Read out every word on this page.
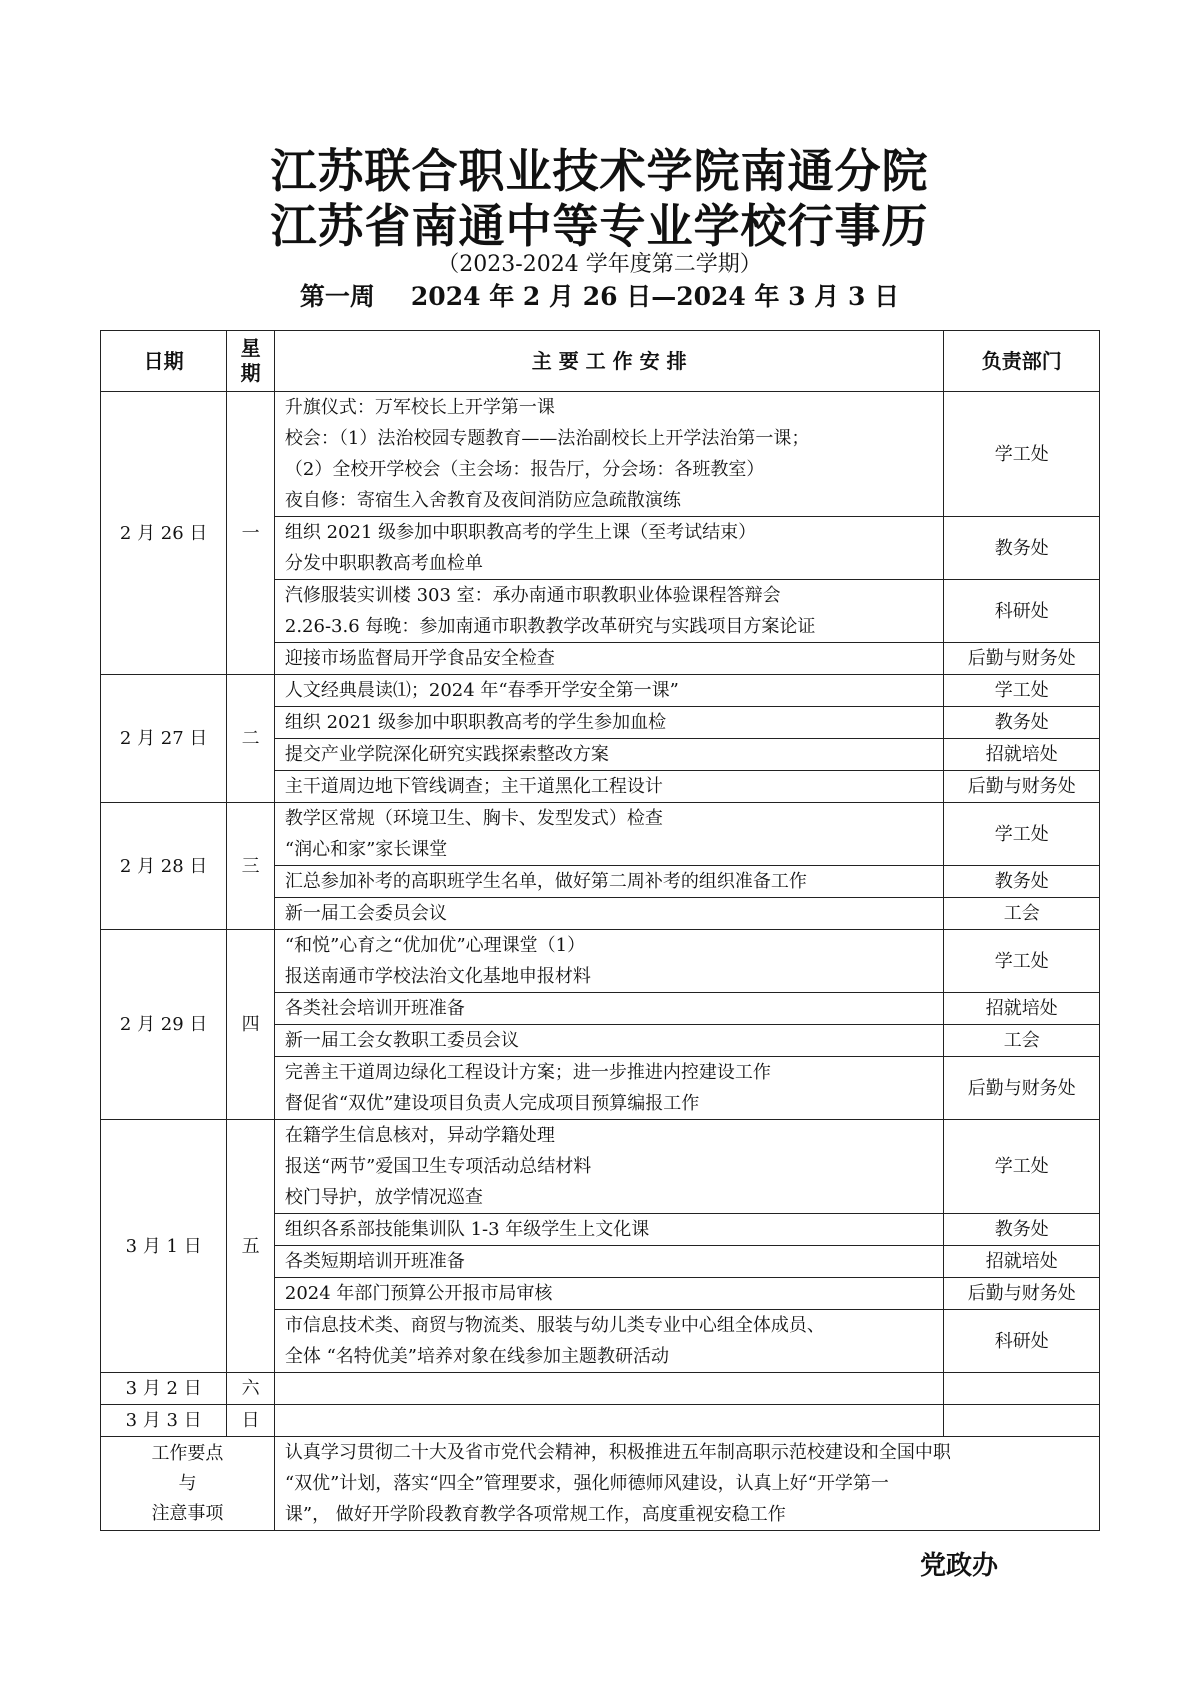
江苏联合职业技术学院南通分院
江苏省南通中等专业学校行事历
（2023-2024 学年度第二学期）
第一周 2024 年 2 月 26 日—2024 年 3 月 3 日
日期	星
期	主 要 工 作 安 排	负责部门
2 月 26 日	一	升旗仪式：万军校长上开学第一课
校会：（1）法治校园专题教育——法治副校长上开学法治第一课；
（2）全校开学校会（主会场：报告厅，分会场：各班教室）
夜自修：寄宿生入舍教育及夜间消防应急疏散演练	学工处

		组织 2021 级参加中职职教高考的学生上课（至考试结束）
分发中职职教高考血检单	教务处

		汽修服装实训楼 303 室：承办南通市职教职业体验课程答辩会
2.26-3.6 每晚：参加南通市职教教学改革研究与实践项目方案论证	科研处

		迎接市场监督局开学食品安全检查	后勤与财务处
2 月 27 日	二	人文经典晨读⑴；2024 年“春季开学安全第一课”	学工处

		组织 2021 级参加中职职教高考的学生参加血检	教务处

		提交产业学院深化研究实践探索整改方案	招就培处

		主干道周边地下管线调查；主干道黑化工程设计	后勤与财务处
2 月 28 日	三	教学区常规（环境卫生、胸卡、发型发式）检查
“润心和家”家长课堂	学工处

		汇总参加补考的高职班学生名单，做好第二周补考的组织准备工作	教务处

		新一届工会委员会议	工会
2 月 29 日	四	“和悦”心育之“优加优”心理课堂（1）
报送南通市学校法治文化基地申报材料	学工处

		各类社会培训开班准备	招就培处

		新一届工会女教职工委员会议	工会

		完善主干道周边绿化工程设计方案；进一步推进内控建设工作
督促省“双优”建设项目负责人完成项目预算编报工作	后勤与财务处
3 月 1 日	五	在籍学生信息核对，异动学籍处理
报送“两节”爱国卫生专项活动总结材料
校门导护，放学情况巡查	学工处

		组织各系部技能集训队 1-3 年级学生上文化课	教务处

		各类短期培训开班准备	招就培处

		2024 年部门预算公开报市局审核	后勤与财务处

		市信息技术类、商贸与物流类、服装与幼儿类专业中心组全体成员、
全体 “名特优美”培养对象在线参加主题教研活动	科研处
3 月 2 日	六		
3 月 3 日	日		

工作要点
与
注意事项		认真学习贯彻二十大及省市党代会精神，积极推进五年制高职示范校建设和全国中职
“双优”计划，落实“四全”管理要求，强化师德师风建设，认真上好“开学第一
课”， 做好开学阶段教育教学各项常规工作，高度重视安稳工作	
党政办
